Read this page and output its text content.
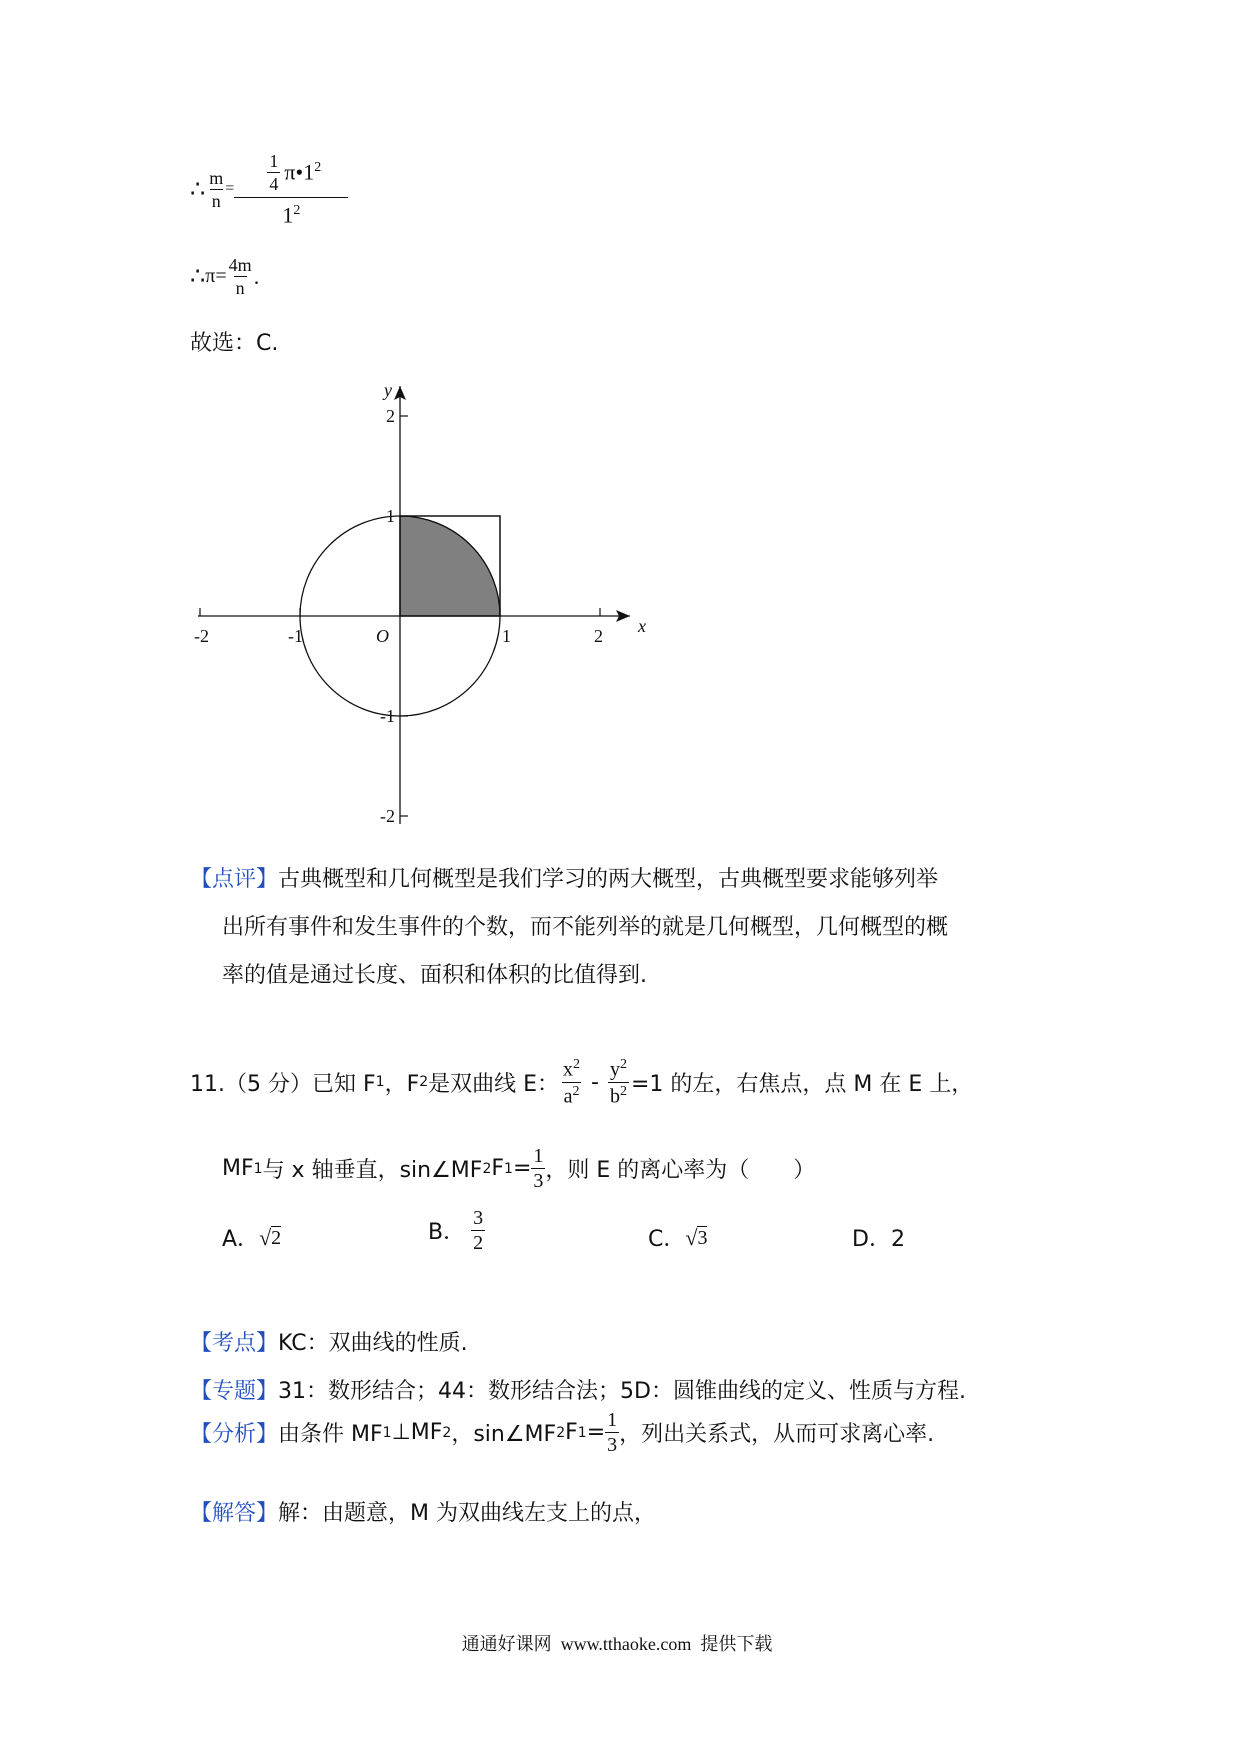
∴ $\frac{m}{n} = \frac{\frac{1}{4} \pi•1^2}{1^2}$
∴ $\pi= \frac{4m}{n}$ .
故选：C.
-2	-1	1	2
2
1
-1
-2
O	x
y
【点评】古典概型和几何概型是我们学习的两大概型，古典概型要求能够列举
出所有事件和发生事件的个数，而不能列举的就是几何概型，几何概型的概
率的值是通过长度、面积和体积的比值得到.
11.（5 分）已知 F 1 ，F 2 是双曲线 E： $\frac{x^2}{a^2} - \frac{y^2}{b^2} =1$ 的左，右焦点，点 M 在 E 上，
MF 1 与 x 轴垂直，sin∠MF 2 F $1 = \frac{1}{3}$ ，则 E 的离心率为（　　）
A． √ 2	B． $\frac{3}{2}$	C． √ 3	D．2
【考点】KC：双曲线的性质.
【专题】31：数形结合；44：数形结合法；5D：圆锥曲线的定义、性质与方程.
【分析】 由条件 MF 1 ⊥MF 2 ，sin∠MF 2 F $1 = \frac{1}{3}$ ，列出关系式，从而可求离心率.
【解答】解：由题意，M 为双曲线左支上的点，
通通好课网  www.tthaoke.com  提供下载
